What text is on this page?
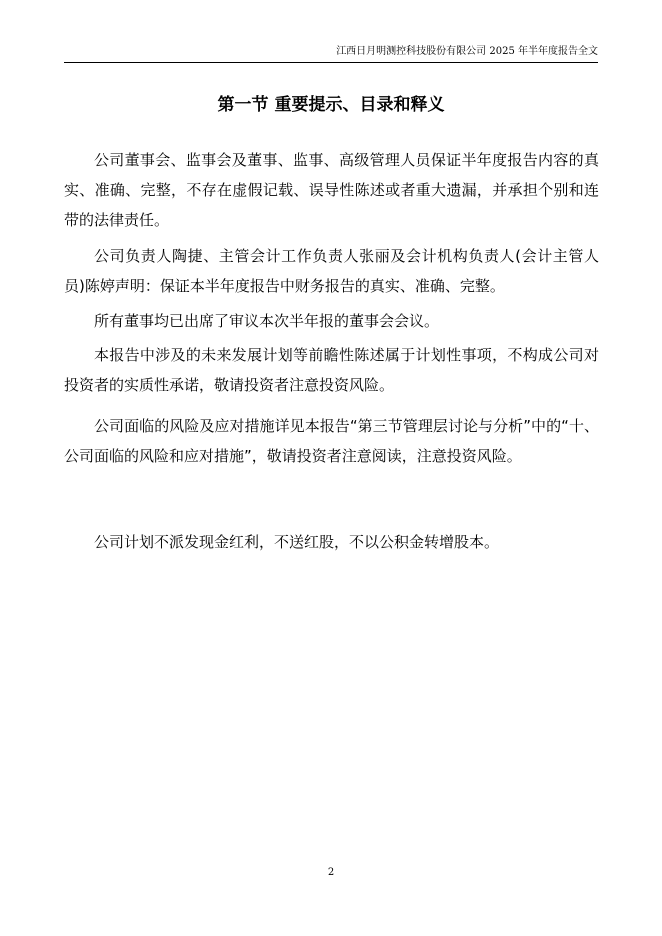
江西日月明测控科技股份有限公司 2025 年半年度报告全文
第一节 重要提示、目录和释义

公司董事会、监事会及董事、监事、高级管理人员保证半年度报告内容的真实、准确、完整，不存在虚假记载、误导性陈述或者重大遗漏，并承担个别和连带的法律责任。

公司负责人陶捷、主管会计工作负责人张丽及会计机构负责人(会计主管人员)陈婷声明：保证本半年度报告中财务报告的真实、准确、完整。

所有董事均已出席了审议本次半年报的董事会会议。

本报告中涉及的未来发展计划等前瞻性陈述属于计划性事项，不构成公司对投资者的实质性承诺，敬请投资者注意投资风险。

公司面临的风险及应对措施详见本报告“第三节管理层讨论与分析”中的“十、公司面临的风险和应对措施”，敬请投资者注意阅读，注意投资风险。

公司计划不派发现金红利，不送红股，不以公积金转增股本。

2
